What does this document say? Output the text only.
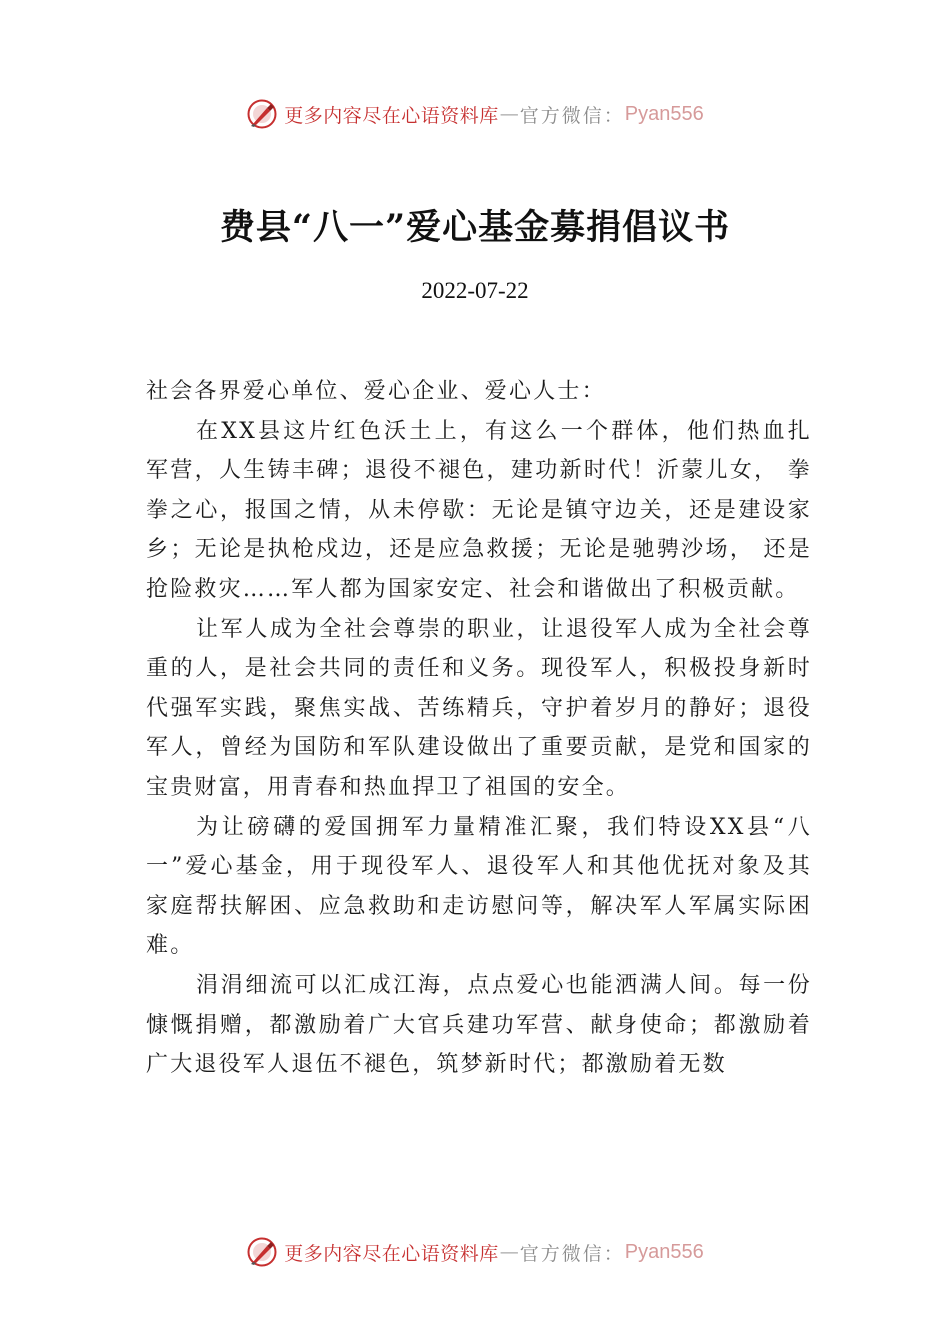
更多内容尽在心语资料库 — 官方微信： Pyan556
费县“八一”爱心基金募捐倡议书
2022-07-22

社会各界爱心单位、爱心企业、爱心人士：

在XX县这片红色沃土上，有这么一个群体，他们热血扎军营，人生铸丰碑；退役不褪色，建功新时代！沂蒙儿女， 拳拳之心，报国之情，从未停歇：无论是镇守边关，还是建设家乡；无论是执枪戍边，还是应急救援；无论是驰骋沙场， 还是抢险救灾……军人都为国家安定、社会和谐做出了积极贡献。

让军人成为全社会尊崇的职业，让退役军人成为全社会尊重的人，是社会共同的责任和义务。现役军人，积极投身新时代强军实践，聚焦实战、苦练精兵，守护着岁月的静好；退役军人，曾经为国防和军队建设做出了重要贡献，是党和国家的宝贵财富，用青春和热血捍卫了祖国的安全。

为让磅礴的爱国拥军力量精准汇聚，我们特设XX县“八一”爱心基金，用于现役军人、退役军人和其他优抚对象及其家庭帮扶解困、应急救助和走访慰问等，解决军人军属实际困难。

涓涓细流可以汇成江海，点点爱心也能洒满人间。每一份慷慨捐赠，都激励着广大官兵建功军营、献身使命；都激励着广大退役军人退伍不褪色，筑梦新时代；都激励着无数

更多内容尽在心语资料库 — 官方微信： Pyan556
